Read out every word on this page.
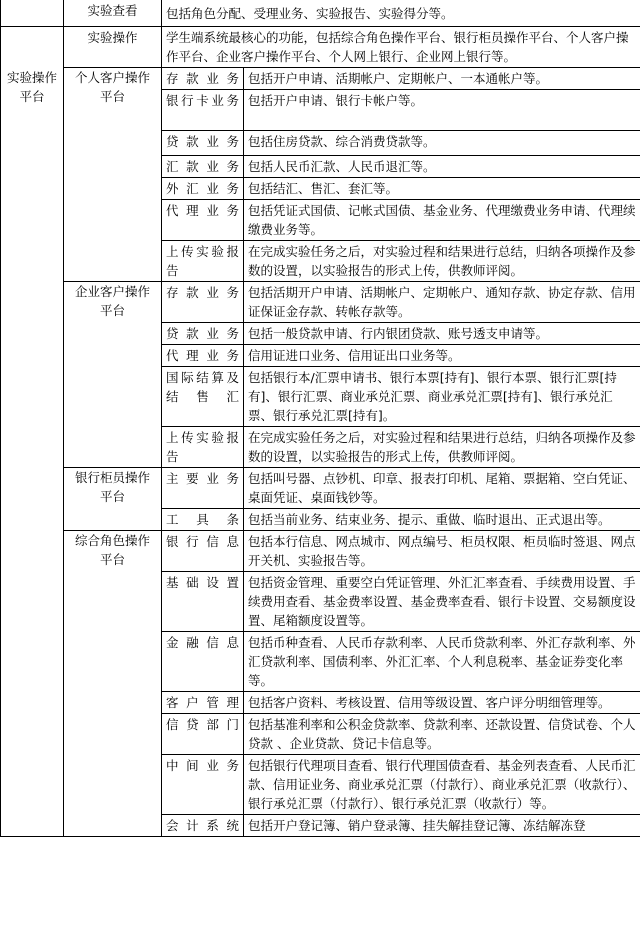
	实验查看	包括角色分配、受理业务、实验报告、实验得分等。	
	实验操作	学生端系统最核心的功能，包括综合角色操作平台、银行柜员操作平台、个人客户操作平台、企业客户操作平台、个人网上银行、企业网上银行等。	
实验操作平台	个人客户操作平台	存款业务	包括开户申请、活期帐户、定期帐户、一本通帐户等。
		银行卡业务	包括开户申请、银行卡帐户等。
		贷款业务	包括住房贷款、综合消费贷款等。
		汇款业务	包括人民币汇款、人民币退汇等。
		外汇业务	包括结汇、售汇、套汇等。
		代理业务	包括凭证式国债、记帐式国债、基金业务、代理缴费业务申请、代理续缴费业务等。
		上传实验报告	在完成实验任务之后，对实验过程和结果进行总结，归纳各项操作及参数的设置，以实验报告的形式上传，供教师评阅。
	企业客户操作平台	存款业务	包括活期开户申请、活期帐户、定期帐户、通知存款、协定存款、信用证保证金存款、转帐存款等。
		贷款业务	包括一般贷款申请、行内银团贷款、账号透支申请等。
		代理业务	信用证进口业务、信用证出口业务等。
		国际结算及结售汇	包括银行本/汇票申请书、银行本票[持有]、银行本票、银行汇票[持有]、银行汇票、商业承兑汇票、商业承兑汇票[持有]、银行承兑汇票、银行承兑汇票[持有]。
		上传实验报告	在完成实验任务之后，对实验过程和结果进行总结，归纳各项操作及参数的设置，以实验报告的形式上传，供教师评阅。
	银行柜员操作平台	主要业务	包括叫号器、点钞机、印章、报表打印机、尾箱、票据箱、空白凭证、桌面凭证、桌面钱钞等。
		工具条	包括当前业务、结束业务、提示、重做、临时退出、正式退出等。
	综合角色操作平台	银行信息	包括本行信息、网点城市、网点编号、柜员权限、柜员临时签退、网点开关机、实验报告等。
		基础设置	包括资金管理、重要空白凭证管理、外汇汇率查看、手续费用设置、手续费用查看、基金费率设置、基金费率查看、银行卡设置、交易额度设置、尾箱额度设置等。
		金融信息	包括币种查看、人民币存款利率、人民币贷款利率、外汇存款利率、外汇贷款利率、国债利率、外汇汇率、个人利息税率、基金证券变化率等。
		客户管理	包括客户资料、考核设置、信用等级设置、客户评分明细管理等。
		信贷部门	包括基准利率和公积金贷款率、贷款利率、还款设置、信贷试卷、个人贷款 、企业贷款、贷记卡信息等。
		中间业务	包括银行代理项目查看、银行代理国债查看、基金列表查看、人民币汇款、信用证业务、商业承兑汇票（付款行）、商业承兑汇票（收款行）、银行承兑汇票（付款行）、银行承兑汇票（收款行）等。
		会计系统	包括开户登记簿、销户登录簿、挂失解挂登记簿、冻结解冻登
